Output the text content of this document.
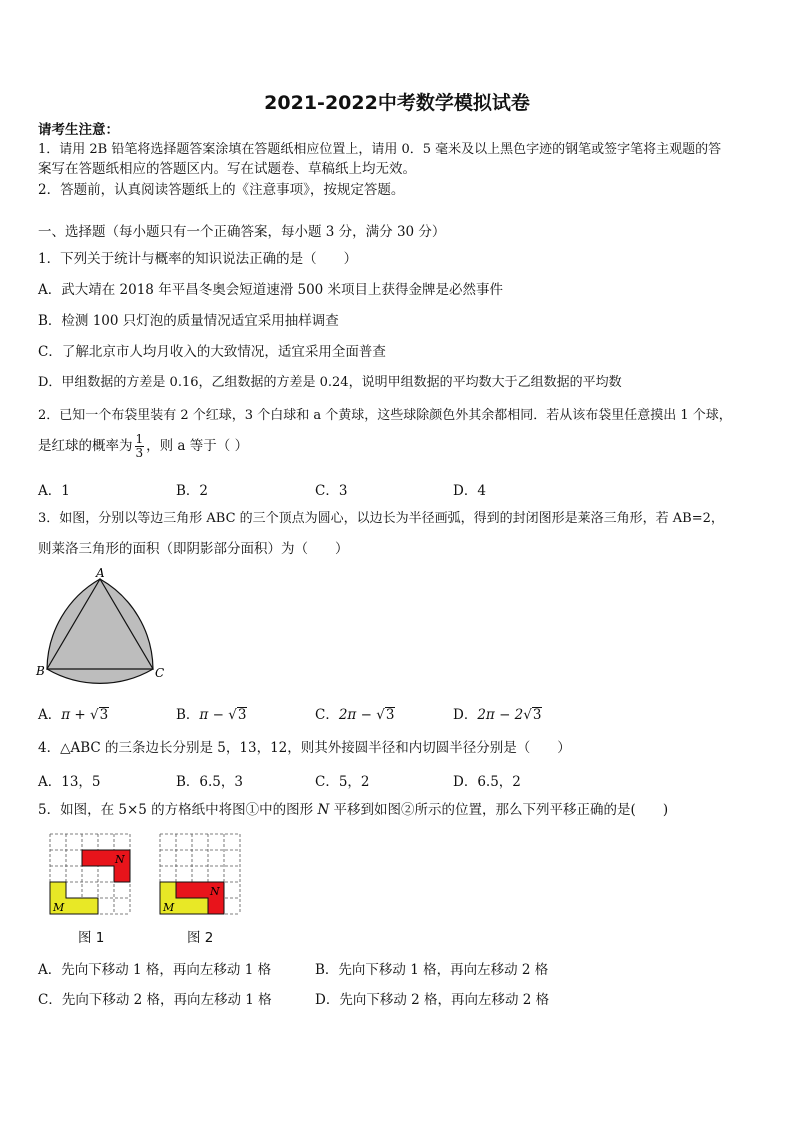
2021-2022中考数学模拟试卷
请考生注意：
1．请用 2B 铅笔将选择题答案涂填在答题纸相应位置上，请用 0．5 毫米及以上黑色字迹的钢笔或签字笔将主观题的答
案写在答题纸相应的答题区内。写在试题卷、草稿纸上均无效。
2．答题前，认真阅读答题纸上的《注意事项》，按规定答题。
一、选择题（每小题只有一个正确答案，每小题 3 分，满分 30 分）
1．下列关于统计与概率的知识说法正确的是（　　）
A．武大靖在 2018 年平昌冬奥会短道速滑 500 米项目上获得金牌是必然事件
B．检测 100 只灯泡的质量情况适宜采用抽样调查
C．了解北京市人均月收入的大致情况，适宜采用全面普查
D．甲组数据的方差是 0.16，乙组数据的方差是 0.24，说明甲组数据的平均数大于乙组数据的平均数
2．已知一个布袋里装有 2 个红球，3 个白球和 a 个黄球，这些球除颜色外其余都相同．若从该布袋里任意摸出 1 个球，
是红球的概率为 $\frac{1}{3}$ ，则 a 等于（ ）
A．1	B．2	C．3	D．4
3．如图，分别以等边三角形 ABC 的三个顶点为圆心，以边长为半径画弧，得到的封闭图形是莱洛三角形，若 AB=2，
则莱洛三角形的面积（即阴影部分面积）为（　　）
A
B	C
A．π + √3	B．π − √3	C．2π − √3	D．2π − 2√3
4．△ABC 的三条边长分别是 5，13，12，则其外接圆半径和内切圆半径分别是（　　）
A．13，5	B．6.5，3	C．5，2	D．6.5，2
5．如图，在 5×5 的方格纸中将图①中的图形 N 平移到如图②所示的位置，那么下列平移正确的是(　　)
N
M
图 1
N
M
图 2
A．先向下移动 1 格，再向左移动 1 格	B．先向下移动 1 格，再向左移动 2 格
C．先向下移动 2 格，再向左移动 1 格	D．先向下移动 2 格，再向左移动 2 格
